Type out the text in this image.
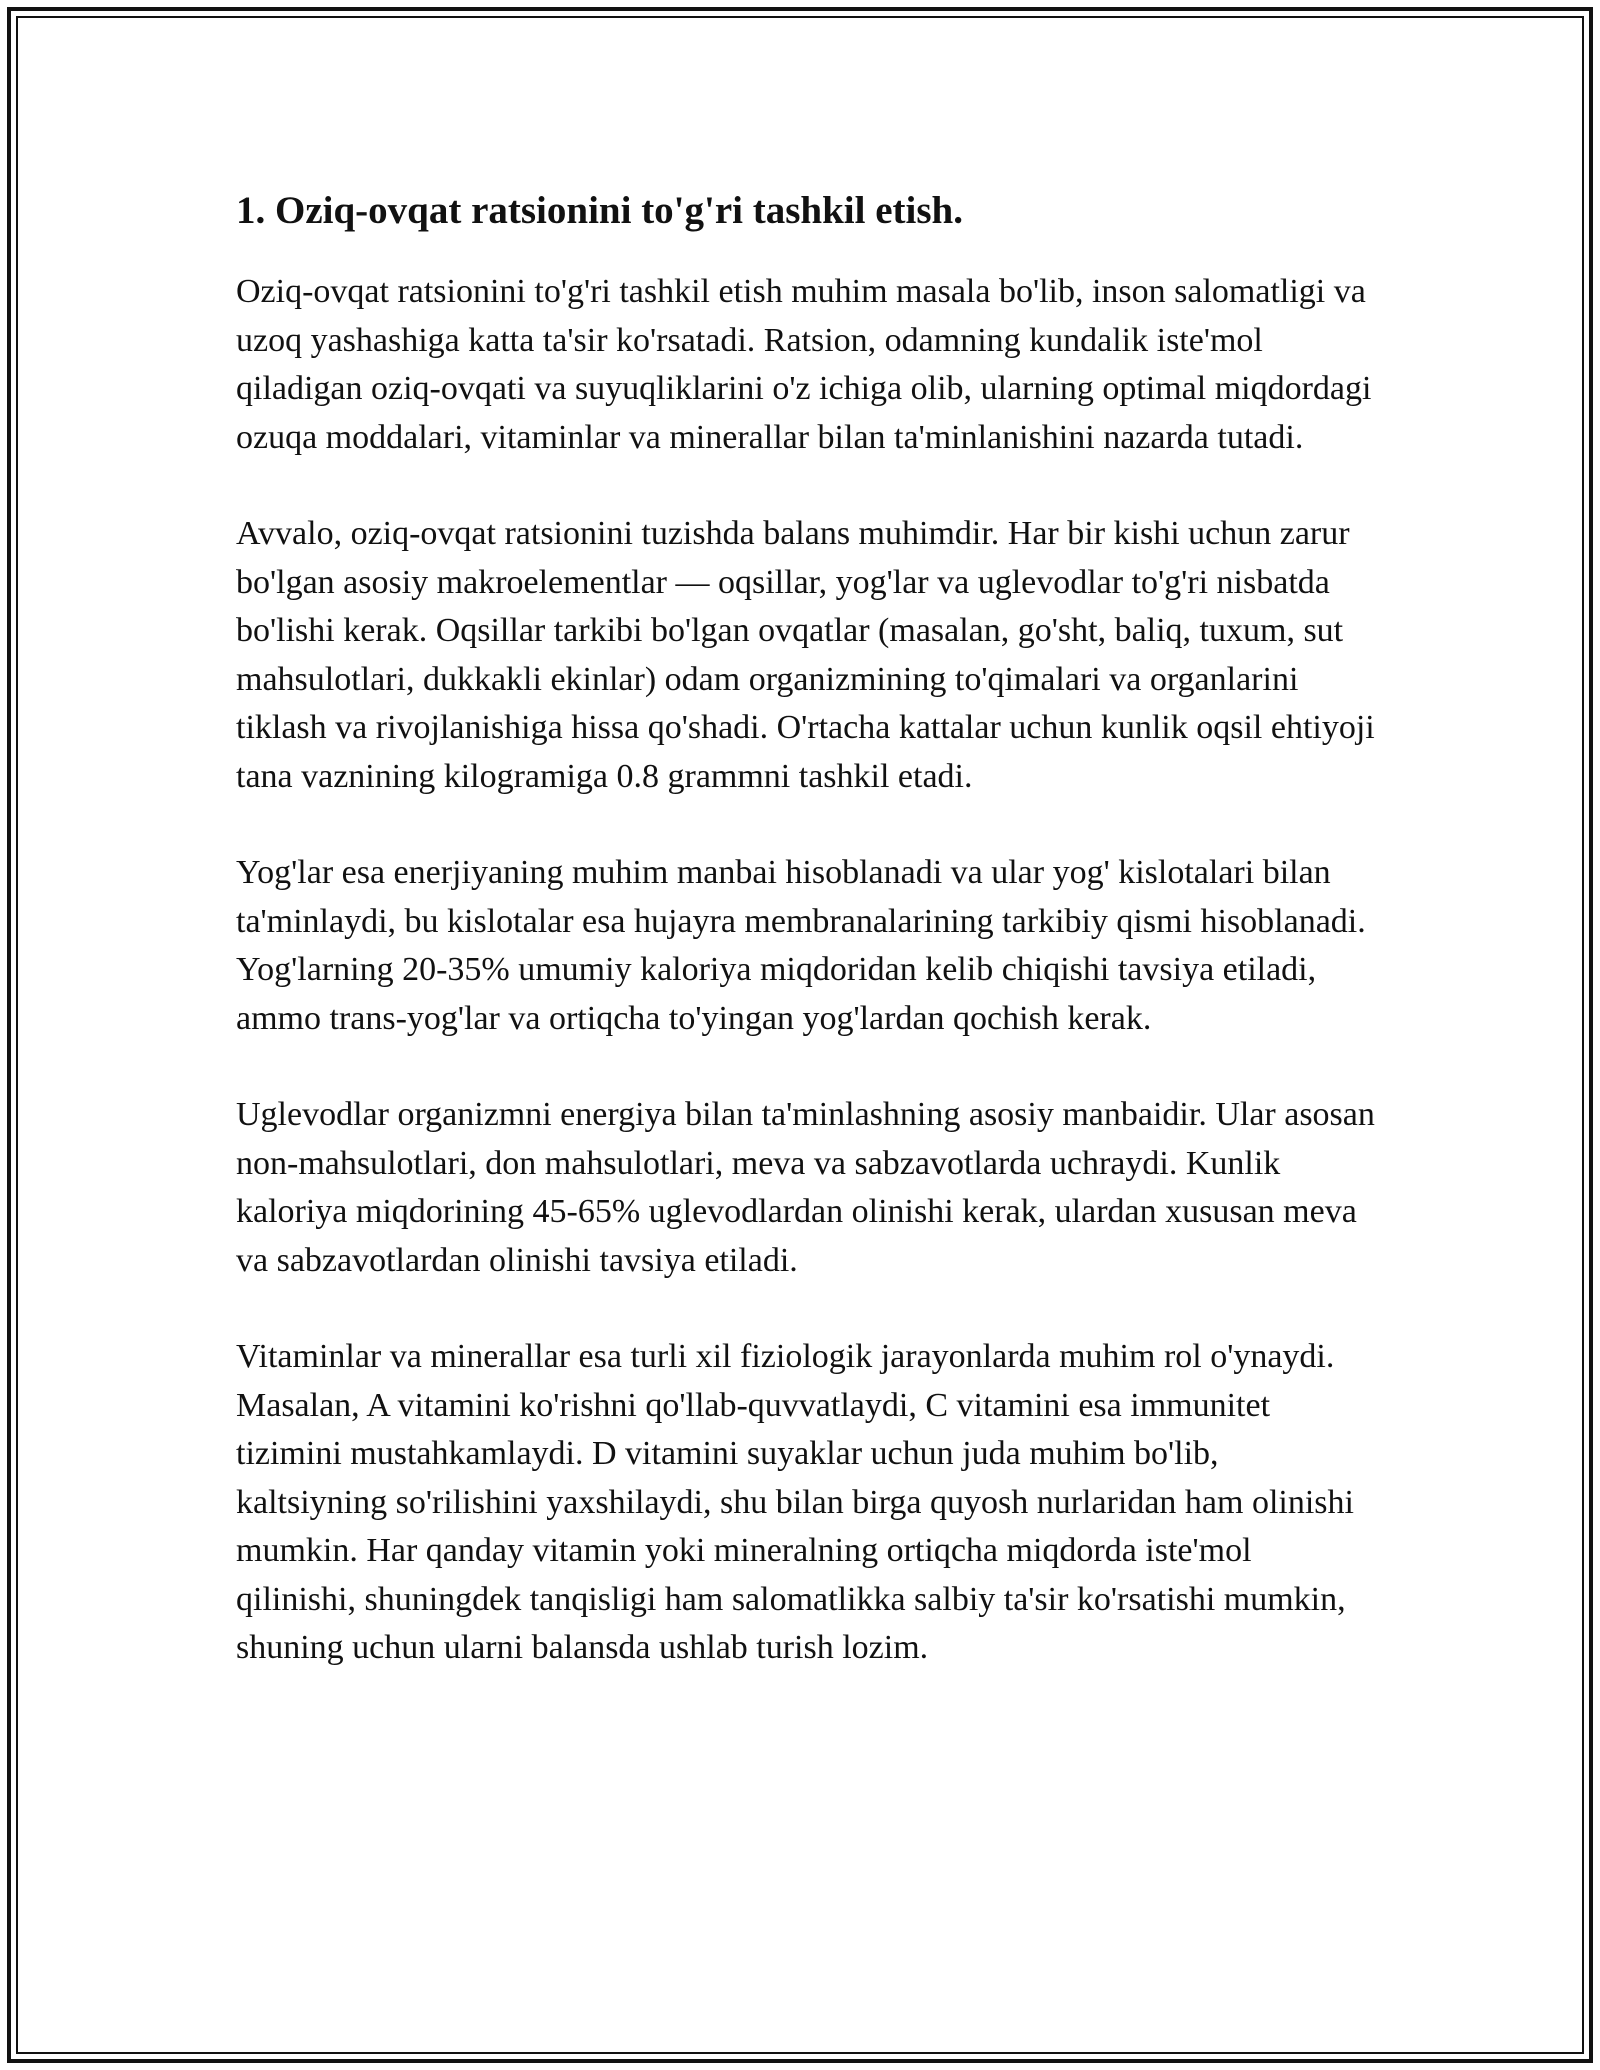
1. Oziq-ovqat ratsionini to'g'ri tashkil etish.

Oziq-ovqat ratsionini to'g'ri tashkil etish muhim masala bo'lib, inson salomatligi va uzoq yashashiga katta ta'sir ko'rsatadi. Ratsion, odamning kundalik iste'mol qiladigan oziq-ovqati va suyuqliklarini o'z ichiga olib, ularning optimal miqdordagi ozuqa moddalari, vitaminlar va minerallar bilan ta'minlanishini nazarda tutadi.

Avvalo, oziq-ovqat ratsionini tuzishda balans muhimdir. Har bir kishi uchun zarur bo'lgan asosiy makroelementlar — oqsillar, yog'lar va uglevodlar to'g'ri nisbatda bo'lishi kerak. Oqsillar tarkibi bo'lgan ovqatlar (masalan, go'sht, baliq, tuxum, sut mahsulotlari, dukkakli ekinlar) odam organizmining to'qimalari va organlarini tiklash va rivojlanishiga hissa qo'shadi. O'rtacha kattalar uchun kunlik oqsil ehtiyoji tana vaznining kilogramiga 0.8 grammni tashkil etadi.

Yog'lar esa enerjiyaning muhim manbai hisoblanadi va ular yog' kislotalari bilan ta'minlaydi, bu kislotalar esa hujayra membranalarining tarkibiy qismi hisoblanadi. Yog'larning 20-35% umumiy kaloriya miqdoridan kelib chiqishi tavsiya etiladi, ammo trans-yog'lar va ortiqcha to'yingan yog'lardan qochish kerak.

Uglevodlar organizmni energiya bilan ta'minlashning asosiy manbaidir. Ular asosan non-mahsulotlari, don mahsulotlari, meva va sabzavotlarda uchraydi. Kunlik kaloriya miqdorining 45-65% uglevodlardan olinishi kerak, ulardan xususan meva va sabzavotlardan olinishi tavsiya etiladi.

Vitaminlar va minerallar esa turli xil fiziologik jarayonlarda muhim rol o'ynaydi. Masalan, A vitamini ko'rishni qo'llab-quvvatlaydi, C vitamini esa immunitet tizimini mustahkamlaydi. D vitamini suyaklar uchun juda muhim bo'lib, kaltsiyning so'rilishini yaxshilaydi, shu bilan birga quyosh nurlaridan ham olinishi mumkin. Har qanday vitamin yoki mineralning ortiqcha miqdorda iste'mol qilinishi, shuningdek tanqisligi ham salomatlikka salbiy ta'sir ko'rsatishi mumkin, shuning uchun ularni balansda ushlab turish lozim.
